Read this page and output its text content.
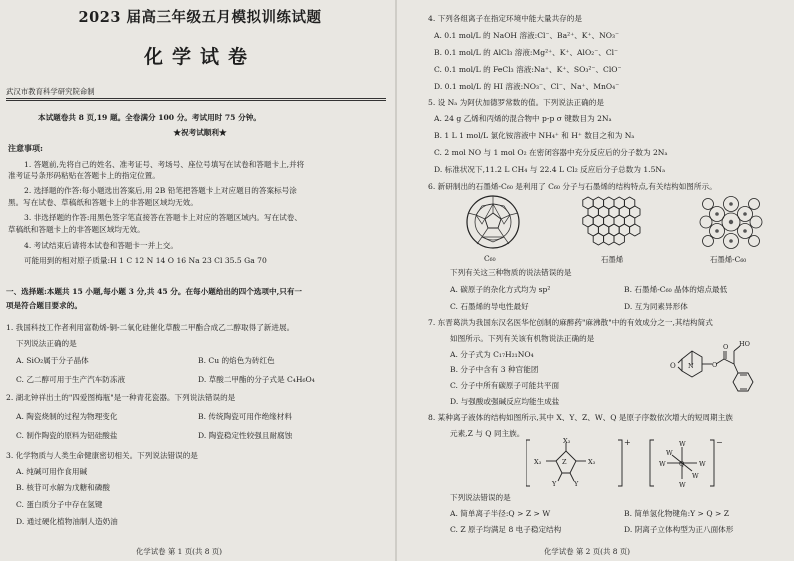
2023 届高三年级五月模拟训练试题
化学试卷
武汉市教育科学研究院命制
本试题卷共 8 页,19 题。全卷满分 100 分。考试用时 75 分钟。
★祝考试顺利★
注意事项:
1. 答题前,先将自己的姓名、准考证号、考场号、座位号填写在试卷和答题卡上,并将
准考证号条形码粘贴在答题卡上的指定位置。
2. 选择题的作答:每小题选出答案后,用 2B 铅笔把答题卡上对应题目的答案标号涂
黑。写在试卷、草稿纸和答题卡上的非答题区域均无效。
3. 非选择题的作答:用黑色签字笔直接答在答题卡上对应的答题区域内。写在试卷、
草稿纸和答题卡上的非答题区域均无效。
4. 考试结束后请将本试卷和答题卡一并上交。
可能用到的相对原子质量:H 1 C 12 N 14 O 16 Na 23 Cl 35.5 Ga 70
一、选择题:本题共 15 小题,每小题 3 分,共 45 分。在每小题给出的四个选项中,只有一
项是符合题目要求的。
1. 我国科技工作者利用富勒烯-铜-二氧化硅催化草酸二甲酯合成乙二醇取得了新进展。
下列说法正确的是
A. SiO₂属于分子晶体	B. Cu 的焰色为砖红色
C. 乙二醇可用于生产汽车防冻液	D. 草酸二甲酯的分子式是 C₄H₆O₄
2. 湖北钟祥出土的"四爱图梅瓶"是一种青花瓷器。下列说法错误的是
A. 陶瓷烧制的过程为物理变化	B. 传统陶瓷可用作绝缘材料
C. 制作陶瓷的原料为铝硅酸盐	D. 陶瓷稳定性较强且耐腐蚀
3. 化学物质与人类生命健康密切相关。下列说法错误的是
A. 纯碱可用作食用碱
B. 核苷可水解为戊糖和磷酸
C. 蛋白质分子中存在氢键
D. 通过硬化植物油制人造奶油
化学试卷 第 1 页(共 8 页)
4. 下列各组离子在指定环境中能大量共存的是
A. 0.1 mol/L 的 NaOH 溶液:Cl⁻、Ba²⁺、K⁺、NO₃⁻
B. 0.1 mol/L 的 AlCl₃ 溶液:Mg²⁺、K⁺、AlO₂⁻、Cl⁻
C. 0.1 mol/L 的 FeCl₃ 溶液:Na⁺、K⁺、SO₃²⁻、ClO⁻
D. 0.1 mol/L 的 HI 溶液:NO₃⁻、Cl⁻、Na⁺、MnO₄⁻
5. 设 Nₐ 为阿伏加德罗常数的值。下列说法正确的是
A. 24 g 乙烯和丙烯的混合物中 p-p σ 键数目为 2Nₐ
B. 1 L 1 mol/L 氯化铵溶液中 NH₄⁺ 和 H⁺ 数目之和为 Nₐ
C. 2 mol NO 与 1 mol O₂ 在密闭容器中充分反应后的分子数为 2Nₐ
D. 标准状况下,11.2 L CH₄ 与 22.4 L Cl₂ 反应后分子总数为 1.5Nₐ
6. 新研制出的石墨烯-C₆₀ 是利用了 C₆₀ 分子与石墨烯的结构特点,有关结构如图所示。
C₆₀	石墨烯	石墨烯-C₆₀
下列有关这三种物质的说法错误的是
A. 碳原子的杂化方式均为 sp²	B. 石墨烯-C₆₀ 晶体的熔点最低
C. 石墨烯的导电性最好	D. 互为同素异形体
7. 东晋葛洪为我国东汉名医华佗创制的麻醉药"麻沸散"中的有效成分之一,其结构简式
如图所示。下列有关该有机物说法正确的是
A. 分子式为 C₁₇H₂₁NO₄
B. 分子中含有 3 种官能团
C. 分子中所有碳原子可能共平面
D. 与强酸或强碱反应均能生成盐
O N	O
O HO
8. 某种离子液体的结构如图所示,其中 X、Y、Z、W、Q 是原子序数依次增大的短周期主族
元素,Z 与 Q 同主族。
Z
X₃
X₃	X₃
Y	Y
Q
W
W
W	W
W
W
+	−
下列说法错误的是
A. 简单离子半径:Q > Z > W	B. 简单氢化物键角:Y > Q > Z
C. Z 原子均满足 8 电子稳定结构	D. 阴离子立体构型为正八面体形
化学试卷 第 2 页(共 8 页)
